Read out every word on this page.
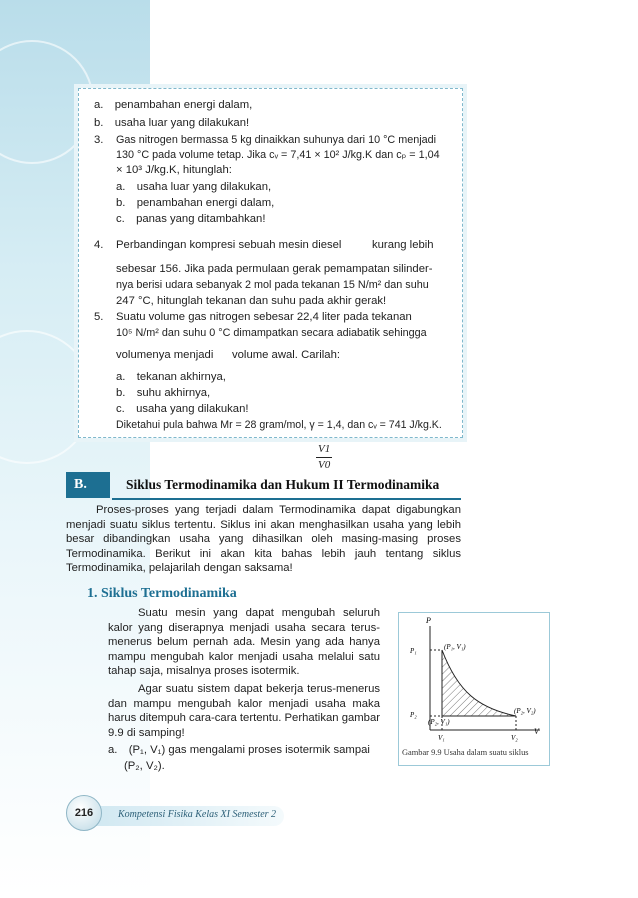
a. penambahan energi dalam,
b. usaha luar yang dilakukan!
3. Gas nitrogen bermassa 5 kg dinaikkan suhunya dari 10 °C menjadi
130 °C pada volume tetap. Jika cᵥ = 7,41 × 10² J/kg.K dan cₚ = 1,04
× 10³ J/kg.K, hitunglah:
a. usaha luar yang dilakukan,
b. penambahan energi dalam,
c. panas yang ditambahkan!
4. Perbandingan kompresi sebuah mesin diesel	kurang lebih
sebesar 156. Jika pada permulaan gerak pemampatan silinder-
nya berisi udara sebanyak 2 mol pada tekanan 15 N/m² dan suhu
247 °C, hitunglah tekanan dan suhu pada akhir gerak!
5. Suatu volume gas nitrogen sebesar 22,4 liter pada tekanan
10⁵ N/m² dan suhu 0 °C dimampatkan secara adiabatik sehingga
volumenya menjadi volume awal. Carilah:
a. tekanan akhirnya,
b. suhu akhirnya,
c. usaha yang dilakukan!
Diketahui pula bahwa Mr = 28 gram/mol, γ = 1,4, dan cᵥ = 741 J/kg.K.
V1
V0
B.	Siklus Termodinamika dan Hukum II Termodinamika
Proses-proses yang terjadi dalam Termodinamika dapat digabungkan menjadi suatu siklus tertentu. Siklus ini akan menghasilkan usaha yang lebih besar dibandingkan usaha yang dihasilkan oleh masing-masing proses Termodinamika. Berikut ini akan kita bahas lebih jauh tentang siklus Termodinamika, pelajarilah dengan saksama!
1. Siklus Termodinamika
Suatu mesin yang dapat mengubah seluruh kalor yang diserapnya menjadi usaha secara terus-menerus belum pernah ada. Mesin yang ada hanya mampu mengubah kalor menjadi usaha melalui satu tahap saja, misalnya proses isotermik.
Agar suatu sistem dapat bekerja terus-menerus dan mampu mengubah kalor menjadi usaha maka harus ditempuh cara-cara tertentu. Perhatikan gambar 9.9 di samping!
a. (P₁, V₁) gas mengalami proses isotermik sampai
(P₂, V₂).
P
V
P₁
P₂
V₁	V₂
(P₁, V₁)
(P₂, V₂)
(P₂, V₁)
Gambar 9.9 Usaha dalam suatu siklus
216	Kompetensi Fisika Kelas XI Semester 2
